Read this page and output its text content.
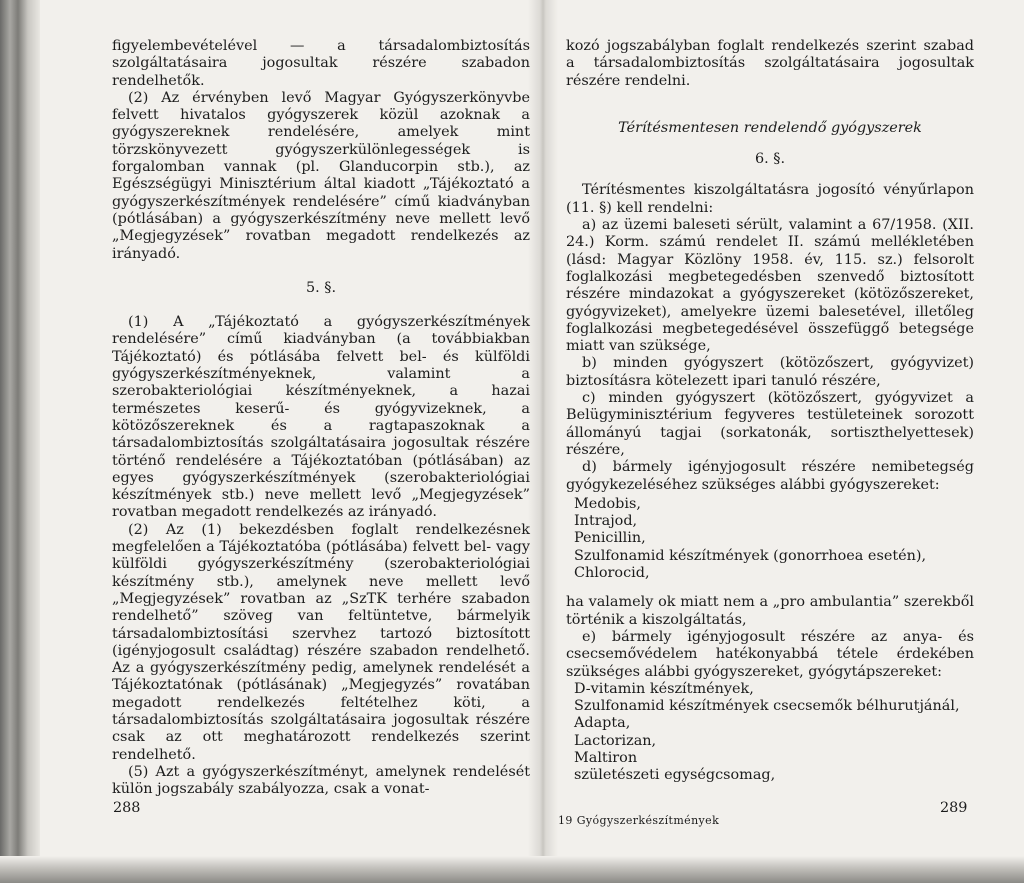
figyelembevételével — a társadalombiztosítás szolgáltatásaira jogosultak részére szabadon rendelhetők.

(2) Az érvényben levő Magyar Gyógyszerkönyvbe felvett hivatalos gyógyszerek közül azoknak a gyógyszereknek rendelésére, amelyek mint törzskönyvezett gyógyszerkülönlegességek is forgalomban vannak (pl. Glanducorpin stb.), az Egészségügyi Minisztérium által kiadott „Tájékoztató a gyógyszerkészítmények rendelésére” című kiadványban (pótlásában) a gyógyszerkészítmény neve mellett levő „Megjegyzések” rovatban megadott rendelkezés az irányadó.

5. §.

(1) A „Tájékoztató a gyógyszerkészítmények rendelésére” című kiadványban (a továbbiakban Tájékoztató) és pótlásába felvett bel- és külföldi gyógyszerkészítményeknek, valamint a szerobakteriológiai készítményeknek, a hazai természetes keserű- és gyógyvizeknek, a kötözőszereknek és a ragtapaszoknak a társadalombiztosítás szolgáltatásaira jogosultak részére történő rendelésére a Tájékoztatóban (pótlásában) az egyes gyógyszerkészítmények (szerobakteriológiai készítmények stb.) neve mellett levő „Megjegyzések” rovatban megadott rendelkezés az irányadó.

(2) Az (1) bekezdésben foglalt rendelkezésnek megfelelően a Tájékoztatóba (pótlásába) felvett bel- vagy külföldi gyógyszerkészítmény (szerobakteriológiai készítmény stb.), amelynek neve mellett levő „Megjegyzések” rovatban az „SzTK terhére szabadon rendelhető” szöveg van feltüntetve, bármelyik társadalombiztosítási szervhez tartozó biztosított (igényjogosult családtag) részére szabadon rendelhető. Az a gyógyszerkészítmény pedig, amelynek rendelését a Tájékoztatónak (pótlásának) „Megjegyzés” rovatában megadott rendelkezés feltételhez köti, a társadalombiztosítás szolgáltatásaira jogosultak részére csak az ott meghatározott rendelkezés szerint rendelhető.

(5) Azt a gyógyszerkészítményt, amelynek rendelését külön jogszabály szabályozza, csak a vonat-

kozó jogszabályban foglalt rendelkezés szerint szabad a társadalombiztosítás szolgáltatásaira jogosultak részére rendelni.

Térítésmentesen rendelendő gyógyszerek

6. §.

Térítésmentes kiszolgáltatásra jogosító vényűrlapon (11. §) kell rendelni:

a) az üzemi baleseti sérült, valamint a 67/1958. (XII. 24.) Korm. számú rendelet II. számú mellékletében (lásd: Magyar Közlöny 1958. év, 115. sz.) felsorolt foglalkozási megbetegedésben szenvedő biztosított részére mindazokat a gyógyszereket (kötözőszereket, gyógyvizeket), amelyekre üzemi balesetével, illetőleg foglalkozási megbetegedésével összefüggő betegsége miatt van szüksége,

b) minden gyógyszert (kötözőszert, gyógyvizet) biztosításra kötelezett ipari tanuló részére,

c) minden gyógyszert (kötözőszert, gyógyvizet a Belügyminisztérium fegyveres testületeinek sorozott állományú tagjai (sorkatonák, sortiszthelyettesek) részére,

d) bármely igényjogosult részére nemibetegség gyógykezeléséhez szükséges alábbi gyógyszereket:

Medobis,

Intrajod,

Penicillin,

Szulfonamid készítmények (gonorrhoea esetén),

Chlorocid,

ha valamely ok miatt nem a „pro ambulantia” szerekből történik a kiszolgáltatás,

e) bármely igényjogosult részére az anya- és csecsemővédelem hatékonyabbá tétele érdekében szükséges alábbi gyógyszereket, gyógytápszereket:

D-vitamin készítmények,

Szulfonamid készítmények csecsemők bélhurutjánál,

Adapta,

Lactorizan,

Maltiron

születészeti egységcsomag,

288
19 Gyógyszerkészítmények
289
